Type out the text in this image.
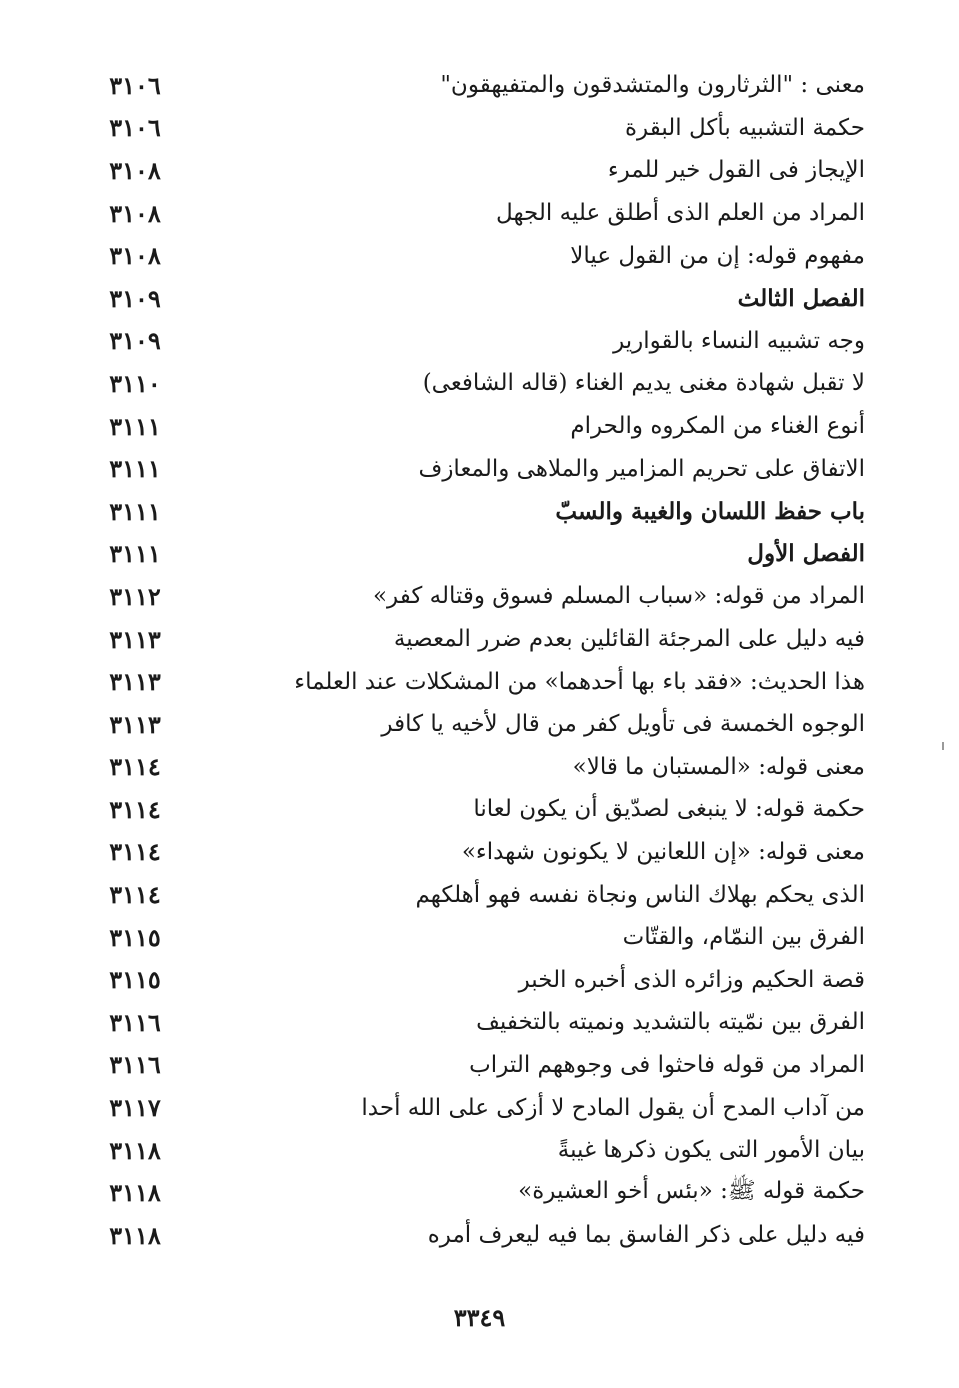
معنى : "الثرثارون والمتشدقون والمتفيهقون"
٣١٠٦
حكمة التشبيه بأكل البقرة
٣١٠٦
الإيجاز فى القول خير للمرء
٣١٠٨
المراد من العلم الذى أطلق عليه الجهل
٣١٠٨
مفهوم قوله: إن من القول عيالا
٣١٠٨
الفصل الثالث
٣١٠٩
وجه تشبيه النساء بالقوارير
٣١٠٩
لا تقبل شهادة مغنى يديم الغناء (قاله الشافعى)
٣١١٠
أنوع الغناء من المكروه والحرام
٣١١١
الاتفاق على تحريم المزامير والملاهى والمعازف
٣١١١
باب حفظ اللسان والغيبة والسبّ
٣١١١
الفصل الأول
٣١١١
المراد من قوله: «سباب المسلم فسوق وقتاله كفر»
٣١١٢
فيه دليل على المرجئة القائلين بعدم ضرر المعصية
٣١١٣
هذا الحديث: «فقد باء بها أحدهما» من المشكلات عند العلماء
٣١١٣
الوجوه الخمسة فى تأويل كفر من قال لأخيه يا كافر
٣١١٣
معنى قوله: «المستبان ما قالا»
٣١١٤
حكمة قوله: لا ينبغى لصدّيق أن يكون لعانا
٣١١٤
معنى قوله: «إن اللعانين لا يكونون شهداء»
٣١١٤
الذى يحكم بهلاك الناس ونجاة نفسه فهو أهلكهم
٣١١٤
الفرق بين النمّام، والقتّات
٣١١٥
قصة الحكيم وزائره الذى أخبره الخبر
٣١١٥
الفرق بين نمّيته بالتشديد ونميته بالتخفيف
٣١١٦
المراد من قوله فاحثوا فى وجوههم التراب
٣١١٦
من آداب المدح أن يقول المادح لا أزكى على الله أحدا
٣١١٧
بيان الأمور التى يكون ذكرها غيبةً
٣١١٨
حكمة قوله ﷺ: «بئس أخو العشيرة»
٣١١٨
فيه دليل على ذكر الفاسق بما فيه ليعرف أمره
٣١١٨
٣٣٤٩
